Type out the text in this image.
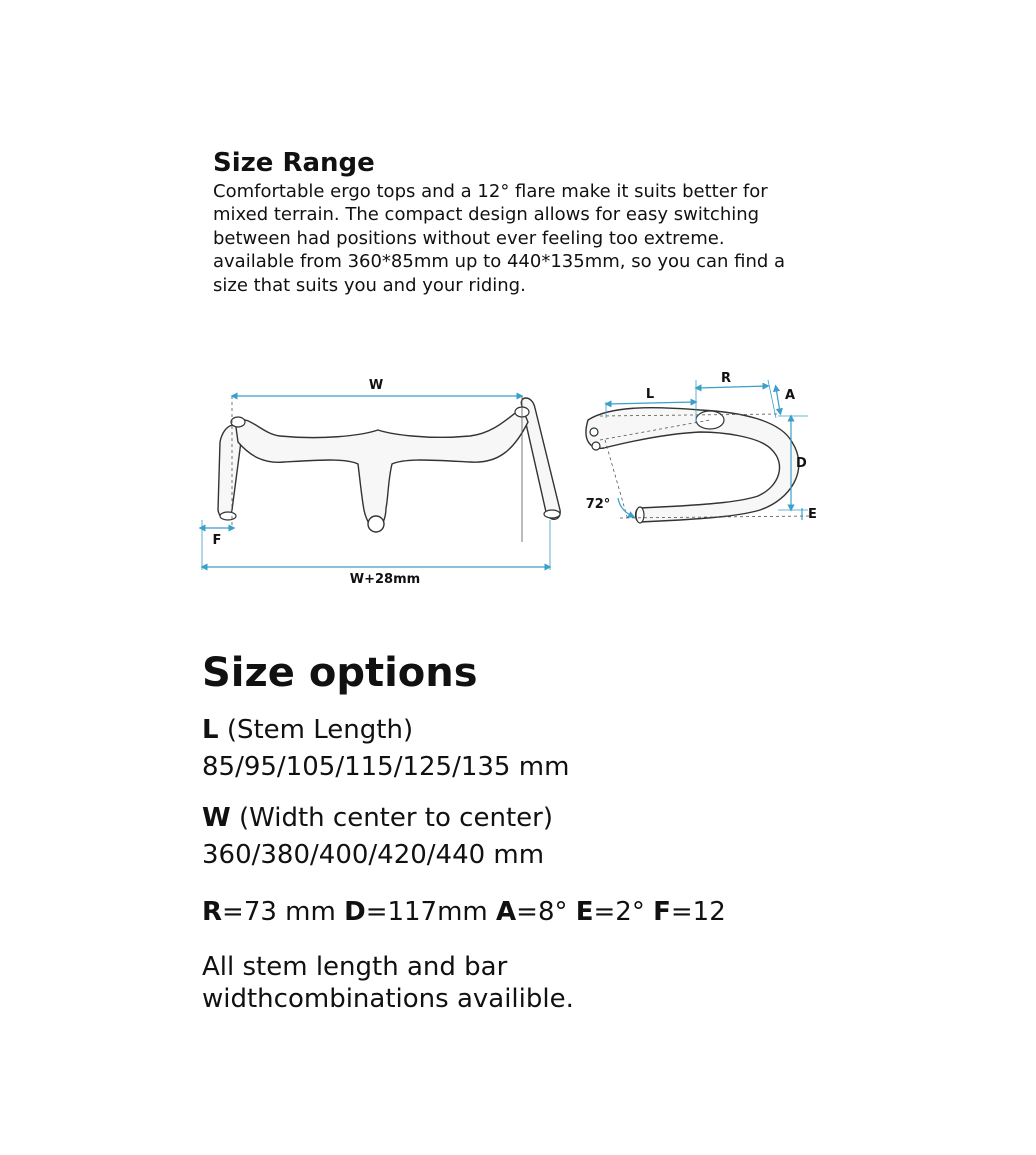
Size Range

Comfortable ergo tops and a 12° flare make it suits better for
mixed terrain. The compact design allows for easy switching
between had positions without ever feeling too extreme.
available from 360*85mm up to 440*135mm, so you can find a
size that suits you and your riding.

W
F
W+28mm
L
R
A
D
E
72°
Size options

L (Stem Length)

85/95/105/115/125/135 mm

W (Width center to center)

360/380/400/420/440 mm

R=73 mm D=117mm A=8° E=2° F=12

All stem length and bar
widthcombinations availible.
